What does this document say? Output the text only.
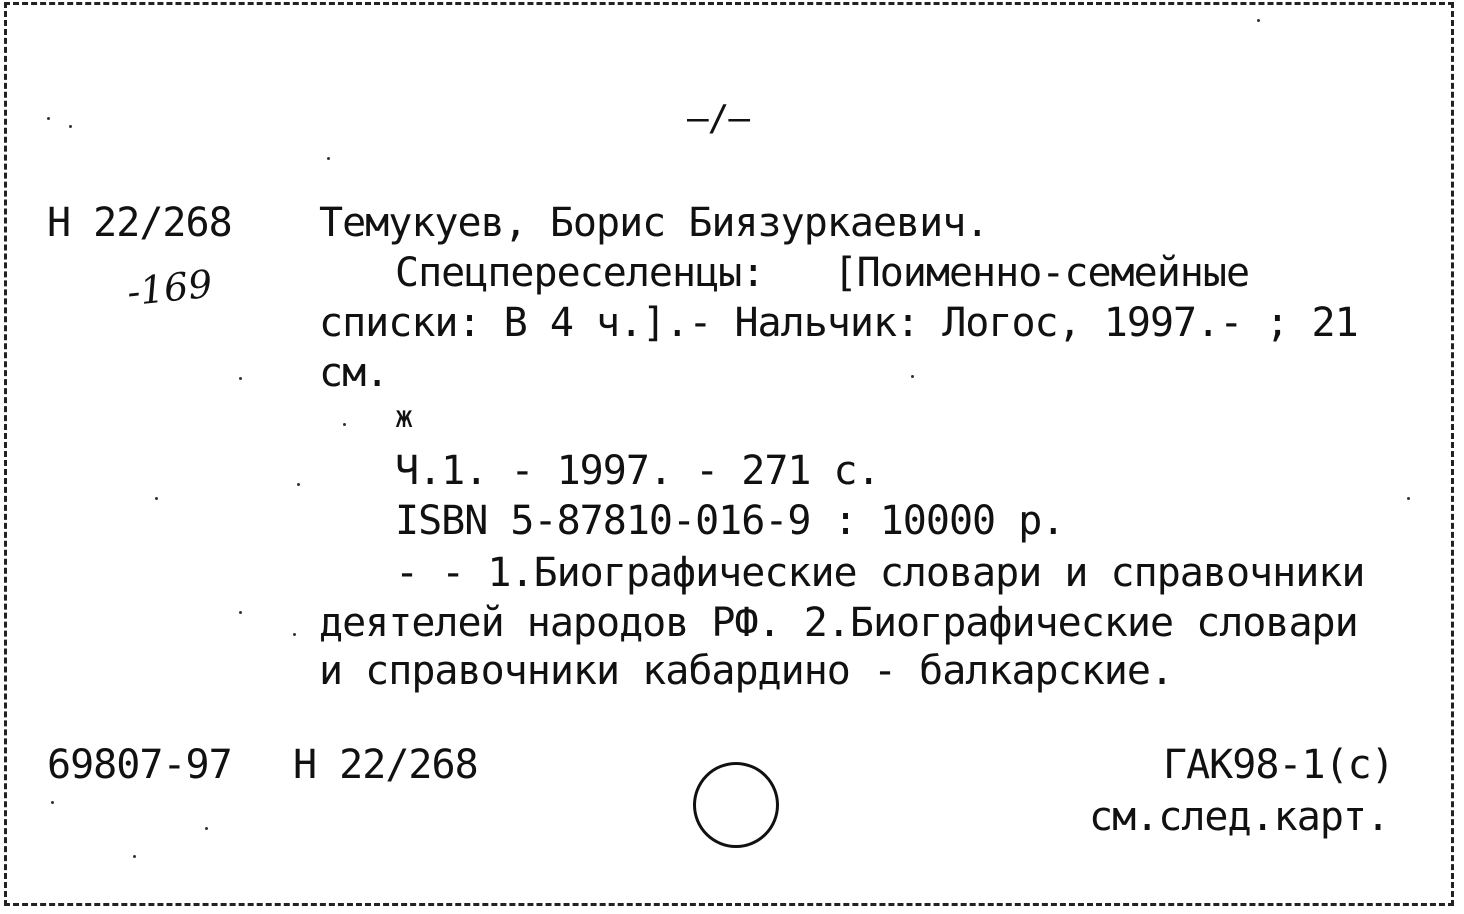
—/—
Н 22/268
-169
Темукуев, Борис Биязуркаевич.
Спецпереселенцы:   [Поименно-семейные
списки: В 4 ч.].- Нальчик: Логос, 1997.- ; 21
см.
ж
Ч.1. - 1997. - 271 с.
ISBN 5-87810-016-9 : 10000 р.
- - 1.Биографические словари и справочники
деятелей народов РФ. 2.Биографические словари
и справочники кабардино - балкарские.
69807-97 Н 22/268	ГАК98-1(с)
см.след.карт.
